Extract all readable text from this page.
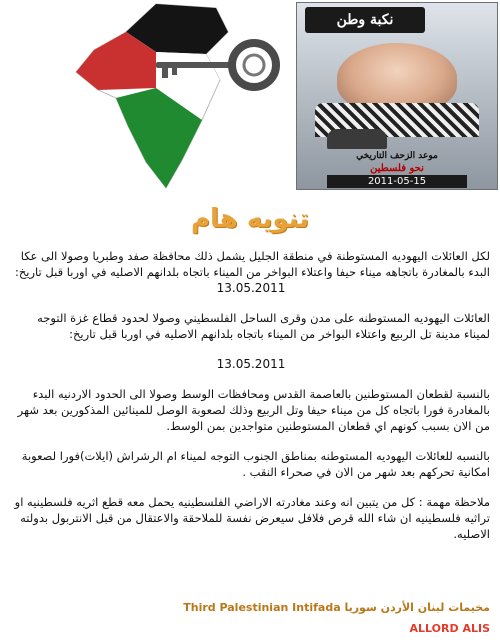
نكبة وطن
موعد الزحف التاريخي
نحو فلسطين
2011-05-15
تنويه هام

لكل العائلات اليهوديه المستوطنة في منطقة الجليل يشمل ذلك محافظة صفد وطبريا وصولا الى عكا البدء بالمغادرة باتجاهه ميناء حيفا واعتلاء البواخر من الميناء باتجاه بلدانهم الاصليه في اوربا قبل تاريخ:

13.05.2011

العائلات اليهوديه المستوطنه على مدن وقرى الساحل الفلسطيني وصولا لحدود قطاع غزة التوجه لميناء مدينة تل الربيع واعتلاء البواخر من الميناء باتجاه بلدانهم الاصليه في اوربا قبل تاريخ:

13.05.2011

بالنسبة لقطعان المستوطنين بالعاصمة القدس ومحافظات الوسط وصولا الى الحدود الاردنيه البدء بالمغادرة فورا باتجاه كل من ميناء حيفا وتل الربيع وذلك لصعوبة الوصل للمينائين المذكورين بعد شهر من الان بسبب كونهم اي قطعان المستوطنين متواجدين بمن الوسط.

بالنسبه للعائلات اليهوديه المستوطنه بمناطق الجنوب التوجه لميناء ام الرشراش (ايلات)فورا لصعوبة امكانية تحركهم بعد شهر من الان في صحراء النقب .

ملاحظة مهمة : كل من يتبين انه وعند مغادرته الاراضي الفلسطينيه يحمل معه قطع اثريه فلسطينيه او تراثيه فلسطينيه ان شاء الله قرص فلافل سيعرض نفسة للملاحقة والاعتقال من قبل الانتربول بدولته الاصليه.

Third Palestinian Intifada مخيمات لبنان الأردن سوريا
ALLORD ALIS
